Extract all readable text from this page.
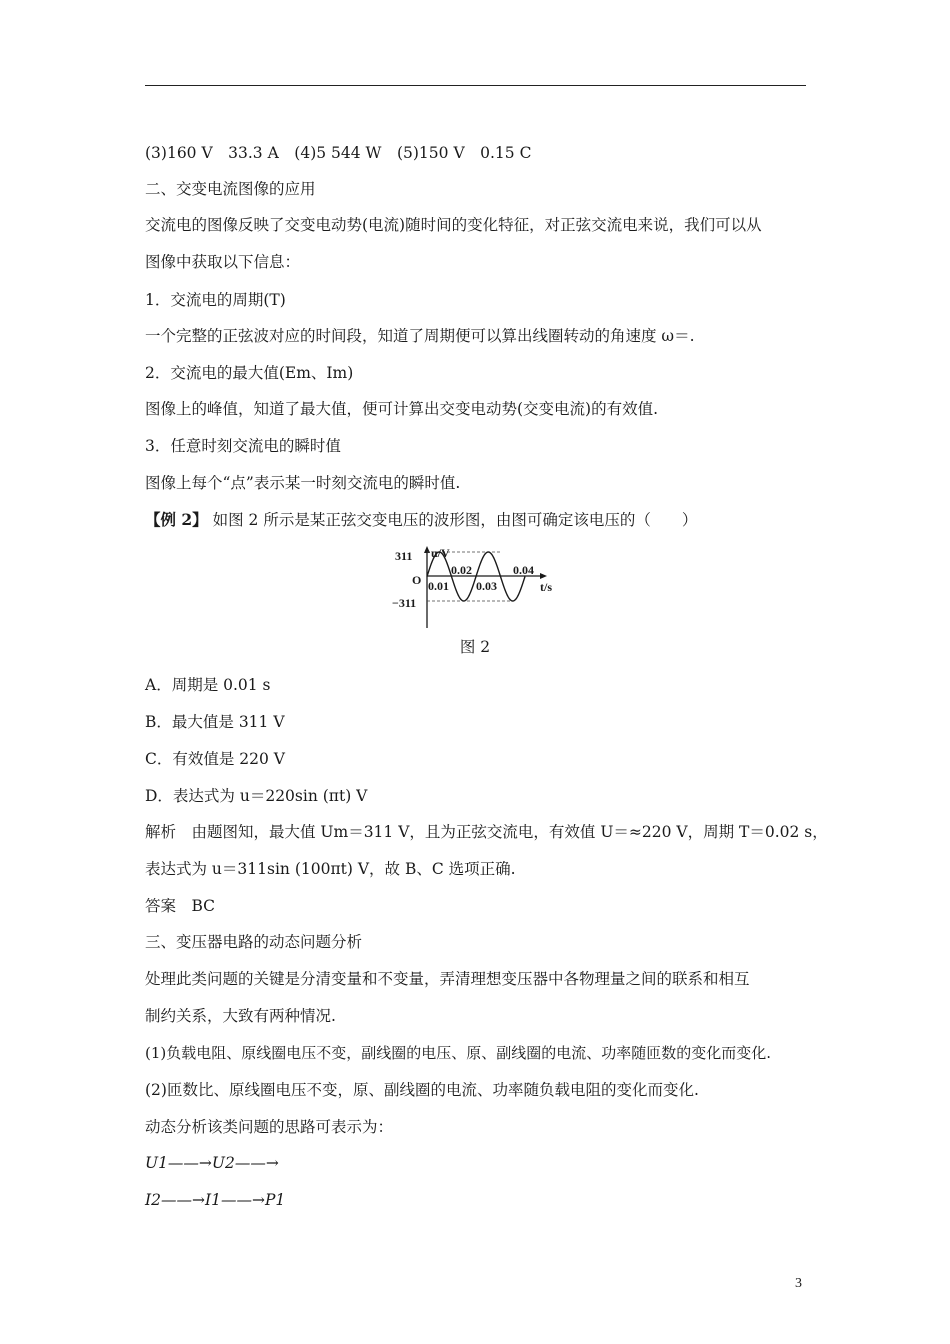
(3)160 V　33.3 A　(4)5 544 W　(5)150 V　0.15 C
二、交变电流图像的应用
交流电的图像反映了交变电动势(电流)随时间的变化特征，对正弦交流电来说，我们可以从
图像中获取以下信息：
1．交流电的周期(T)
一个完整的正弦波对应的时间段，知道了周期便可以算出线圈转动的角速度 ω＝.
2．交流电的最大值(Em、Im)
图像上的峰值，知道了最大值，便可计算出交变电动势(交变电流)的有效值.
3．任意时刻交流电的瞬时值
图像上每个“点”表示某一时刻交流电的瞬时值.
【例 2】 如图 2 所示是某正弦交变电压的波形图，由图可确定该电压的（　　）
u/V
311
O
−311
0.01
0.02
0.03
0.04
t/s
图 2
A．周期是 0.01 s
B．最大值是 311 V
C．有效值是 220 V
D．表达式为 u＝220sin (πt) V
解析　由题图知，最大值 Um＝311 V，且为正弦交流电，有效值 U＝≈220 V，周期 T＝0.02 s，
表达式为 u＝311sin (100πt) V，故 B、C 选项正确.
答案　BC
三、变压器电路的动态问题分析
处理此类问题的关键是分清变量和不变量，弄清理想变压器中各物理量之间的联系和相互
制约关系，大致有两种情况.
(1)负载电阻、原线圈电压不变，副线圈的电压、原、副线圈的电流、功率随匝数的变化而变化.
(2)匝数比、原线圈电压不变，原、副线圈的电流、功率随负载电阻的变化而变化.
动态分析该类问题的思路可表示为：
U1——→U2——→
I2——→I1——→P1
3
